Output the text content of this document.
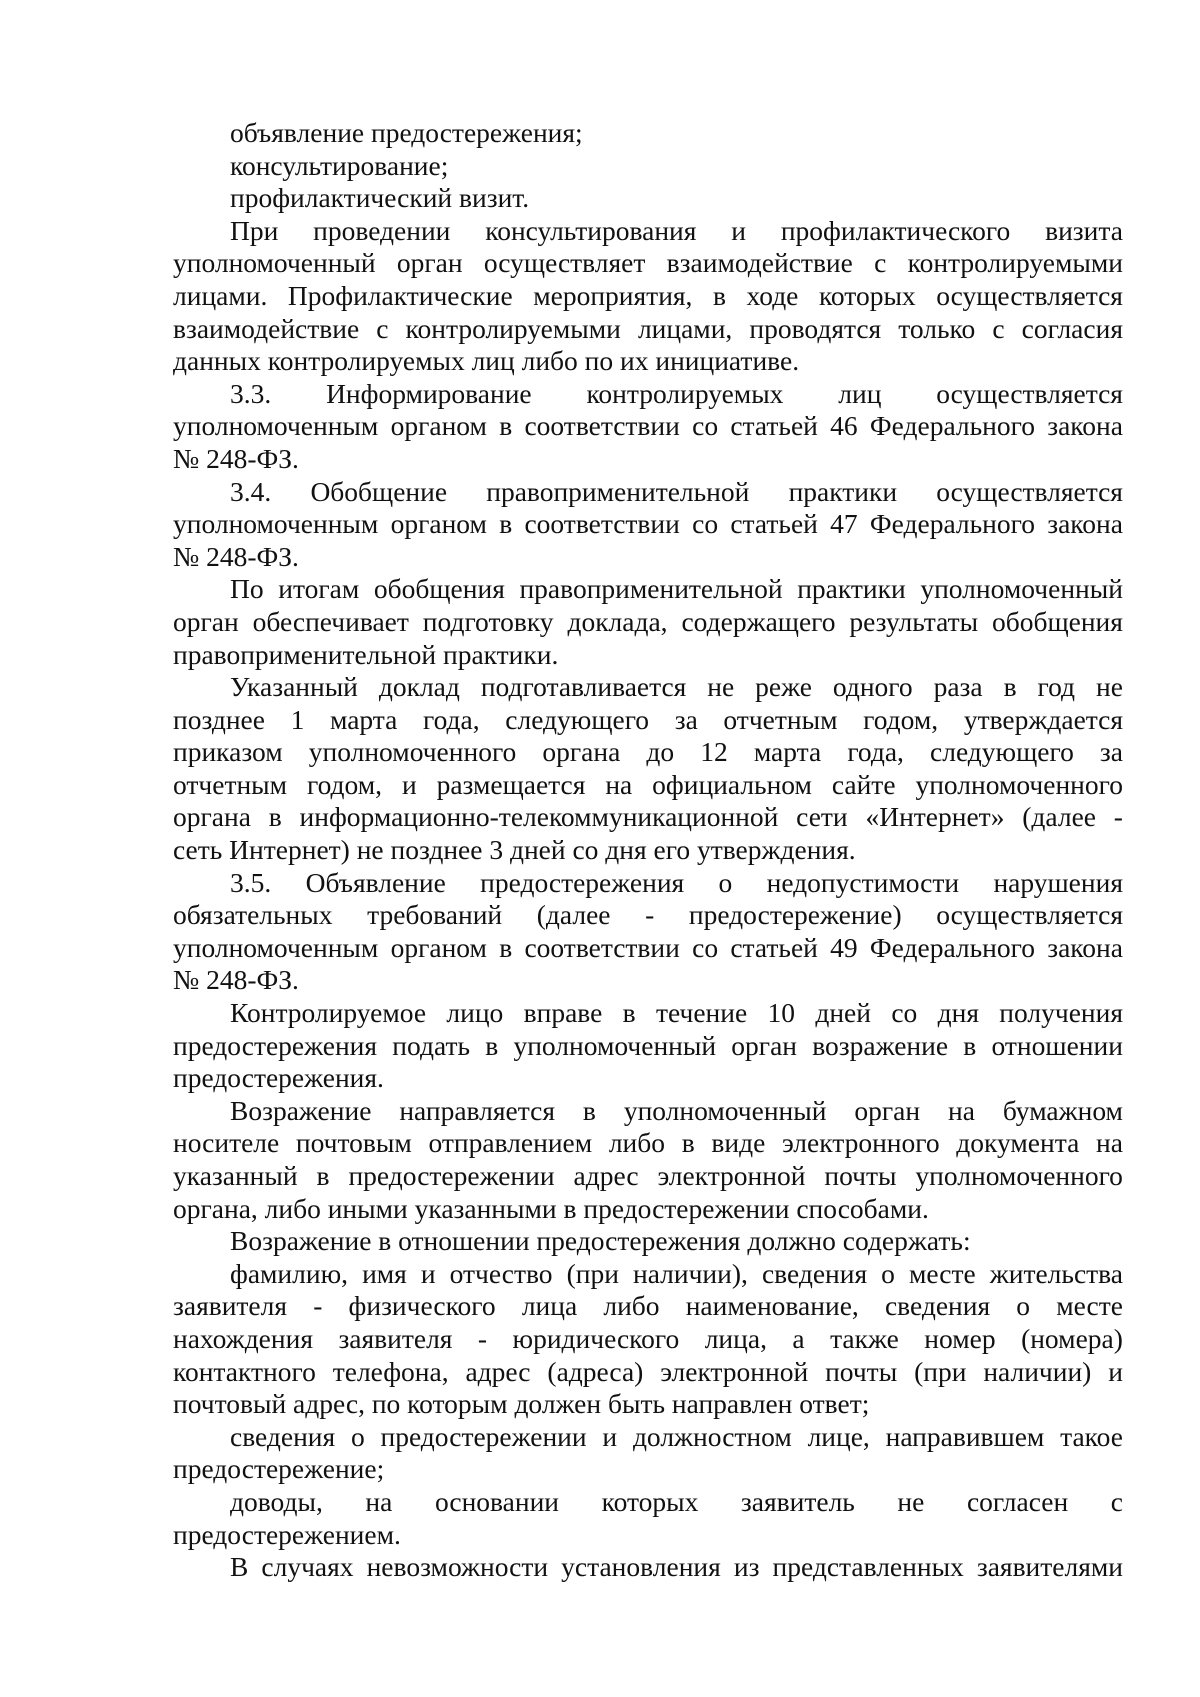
объявление предостережения;
консультирование;
профилактический визит.
При проведении консультирования и профилактического визита
уполномоченный орган осуществляет взаимодействие с контролируемыми
лицами. Профилактические мероприятия, в ходе которых осуществляется
взаимодействие с контролируемыми лицами, проводятся только с согласия
данных контролируемых лиц либо по их инициативе.
3.3. Информирование контролируемых лиц осуществляется
уполномоченным органом в соответствии со статьей 46 Федерального закона
№ 248-ФЗ.
3.4. Обобщение правоприменительной практики осуществляется
уполномоченным органом в соответствии со статьей 47 Федерального закона
№ 248-ФЗ.
По итогам обобщения правоприменительной практики уполномоченный
орган обеспечивает подготовку доклада, содержащего результаты обобщения
правоприменительной практики.
Указанный доклад подготавливается не реже одного раза в год не
позднее 1 марта года, следующего за отчетным годом, утверждается
приказом уполномоченного органа до 12 марта года, следующего за
отчетным годом, и размещается на официальном сайте уполномоченного
органа в информационно-телекоммуникационной сети «Интернет» (далее -
сеть Интернет) не позднее 3 дней со дня его утверждения.
3.5. Объявление предостережения о недопустимости нарушения
обязательных требований (далее - предостережение) осуществляется
уполномоченным органом в соответствии со статьей 49 Федерального закона
№ 248-ФЗ.
Контролируемое лицо вправе в течение 10 дней со дня получения
предостережения подать в уполномоченный орган возражение в отношении
предостережения.
Возражение направляется в уполномоченный орган на бумажном
носителе почтовым отправлением либо в виде электронного документа на
указанный в предостережении адрес электронной почты уполномоченного
органа, либо иными указанными в предостережении способами.
Возражение в отношении предостережения должно содержать:
фамилию, имя и отчество (при наличии), сведения о месте жительства
заявителя - физического лица либо наименование, сведения о месте
нахождения заявителя - юридического лица, а также номер (номера)
контактного телефона, адрес (адреса) электронной почты (при наличии) и
почтовый адрес, по которым должен быть направлен ответ;
сведения о предостережении и должностном лице, направившем такое
предостережение;
доводы, на основании которых заявитель не согласен с
предостережением.
В случаях невозможности установления из представленных заявителями
